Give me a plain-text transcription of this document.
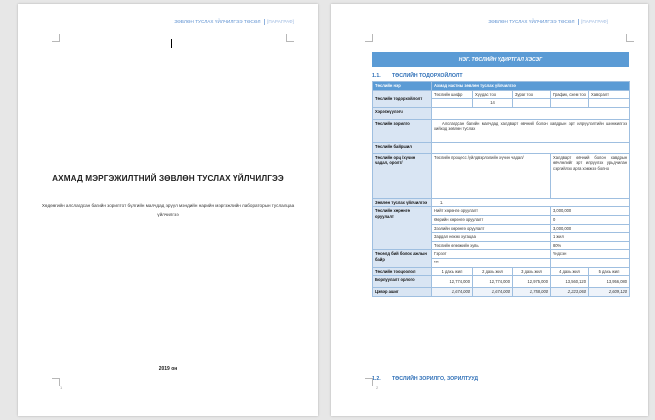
ЗӨВЛӨН ТУСЛАХ ҮЙЛЧИЛГЭЭ ТӨСӨЛ [ПАРАГРАФ]
АХМАД МЭРГЭЖИЛТНИЙ ЗӨВЛӨН ТУСЛАХ ҮЙЛЧИЛГЭЭ
Хөдөөгийн алслагдсан багийн зорилтот бүлгийн малчдад эрүүл мэндийн нарийн мэргэжлийн лабораторын туслалцаа үйлчилгээ
2019 он
1
ЗӨВЛӨН ТУСЛАХ ҮЙЛЧИЛГЭЭ ТӨСӨЛ [ПАРАГРАФ]
НЭГ. ТӨСЛИЙН ҮДИРТГАЛ ХЭСЭГ
1.1. ТӨСЛИЙН ТОДОРХОЙЛОЛТ
Төслийн нэр	Ахмад настны зөвлөн туслах үйлчилгээ				
Төслийн тодорхойлолт	Төслийн шифр	Хүүдас тоо	Зураг тоо	График, схем тоо	Хавсралт
		14			
Хэрэгжүүлэгч					
Төслийн зорилго	Алслагдсан багийн малчдад халдварт өвчний болон хавдрын эрт илрүүлэлтийн шинжилгээ хийход зөвлөн туслах				
Төслийн байршил					
Төслийн орц /хүчин чадал, оролт/	Төслийн процесс /үйлдвэрлэлийн хүчин чадал/			Халдварт өвчний болон хавдрын өвчлөлийг эрт илрүүлэх урьдчилан сэргийлэх арга хэмжээ болно	
Зөвлөн туслах үйлчилгээ	1.				
Төслийн хөрөнгө оруулалт	Нийт хөрөнгө оруулалт			3,000,000	
	Өөрийн хөрөнгө оруулалт			0	
	Зээлийн хөрөнгө оруулалт			3,000,000	
	Зардал нөхөх хугацаа			1 жил	
	Төслийн өгөөжийн хувь			80%	
Төсөлд бий болох ажлын байр	Гэрээт			Үндсэн	
	***				
Төслийн тооцоолол	1 дахь жил	2 дахь жил	3 дахь жил	4 дахь жил	5 дахь жил
Борлуулалт орлого	12,774,000	12,774,000	12,975,000	13,560,120	13,956,080
Цэвэр ашиг	1,674,000	1,674,000	1,758,000	2,223,060	2,609,120
1.2. ТӨСЛИЙН ЗОРИЛГО, ЗОРИЛТУУД
2
